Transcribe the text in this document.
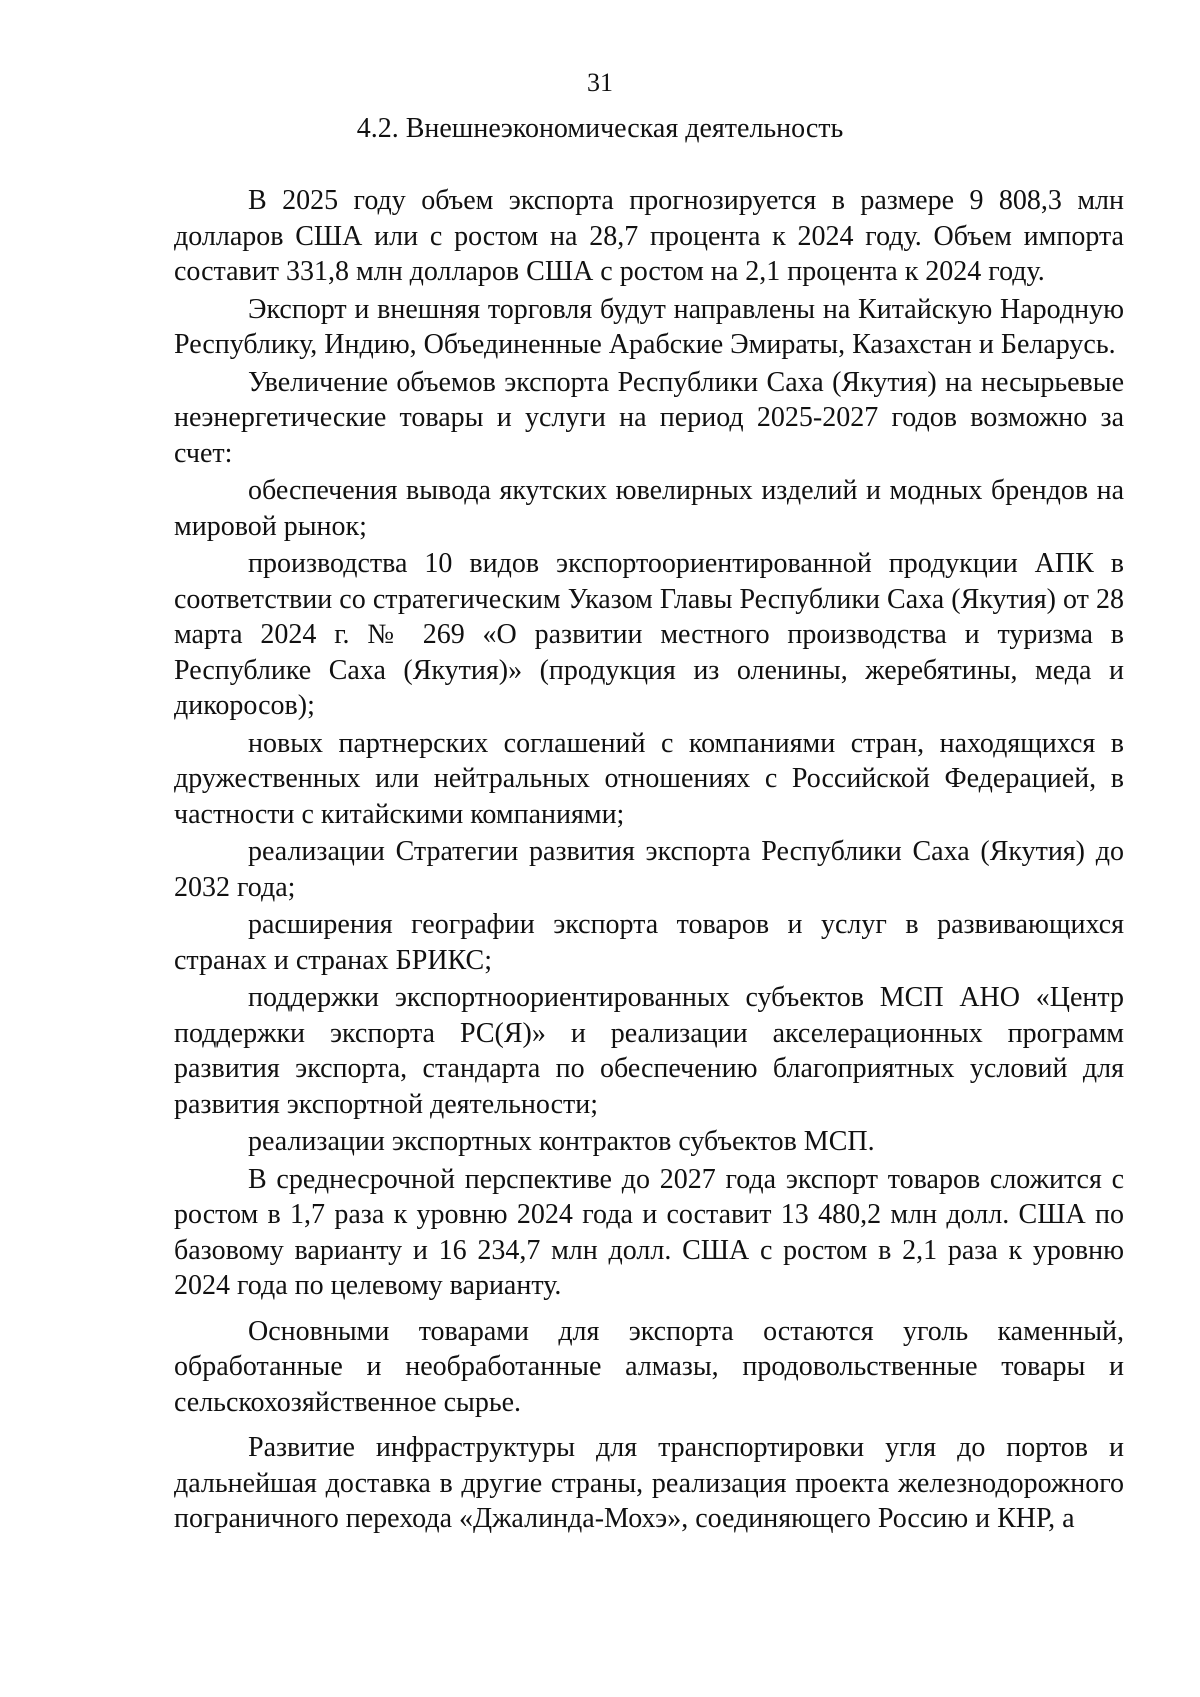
31
4.2. Внешнеэкономическая деятельность

В 2025 году объем экспорта прогнозируется в размере 9 808,3 млн долларов США или с ростом на 28,7 процента к 2024 году. Объем импорта составит 331,8 млн долларов США с ростом на 2,1 процента к 2024 году.

Экспорт и внешняя торговля будут направлены на Китайскую Народную Республику, Индию, Объединенные Арабские Эмираты, Казахстан и Беларусь.

Увеличение объемов экспорта Республики Саха (Якутия) на несырьевые неэнергетические товары и услуги на период 2025-2027 годов возможно за счет:

обеспечения вывода якутских ювелирных изделий и модных брендов на мировой рынок;

производства 10 видов экспортоориентированной продукции АПК в соответствии со стратегическим Указом Главы Республики Саха (Якутия) от 28 марта 2024 г. № 269 «О развитии местного производства и туризма в Республике Саха (Якутия)» (продукция из оленины, жеребятины, меда и дикоросов);

новых партнерских соглашений с компаниями стран, находящихся в дружественных или нейтральных отношениях с Российской Федерацией, в частности с китайскими компаниями;

реализации Стратегии развития экспорта Республики Саха (Якутия) до 2032 года;

расширения географии экспорта товаров и услуг в развивающихся странах и странах БРИКС;

поддержки экспортноориентированных субъектов МСП АНО «Центр поддержки экспорта РС(Я)» и реализации акселерационных программ развития экспорта, стандарта по обеспечению благоприятных условий для развития экспортной деятельности;

реализации экспортных контрактов субъектов МСП.

В среднесрочной перспективе до 2027 года экспорт товаров сложится с ростом в 1,7 раза к уровню 2024 года и составит 13 480,2 млн долл. США по базовому варианту и 16 234,7 млн долл. США с ростом в 2,1 раза к уровню 2024 года по целевому варианту.

Основными товарами для экспорта остаются уголь каменный, обработанные и необработанные алмазы, продовольственные товары и сельскохозяйственное сырье.

Развитие инфраструктуры для транспортировки угля до портов и дальнейшая доставка в другие страны, реализация проекта железнодорожного пограничного перехода «Джалинда-Мохэ», соединяющего Россию и КНР, а
